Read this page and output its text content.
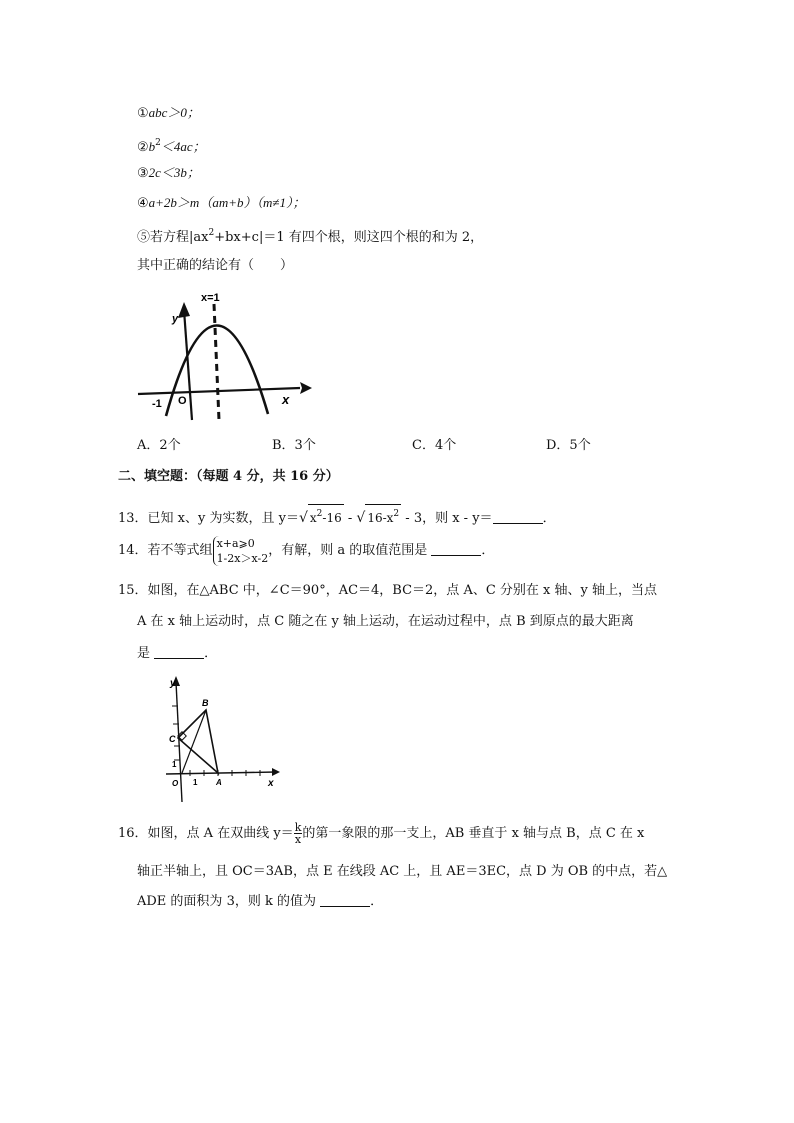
①abc＞0；
$②b^2<4ac$；
③2c＜3b；
④a+2b＞m（am+b）（m≠1）；
⑤若方程$|ax^2+bx+c|=1$ 有四个根，则这四个根的和为 2，
其中正确的结论有（　　）
x=1
y
x
-1 O
A．2个	B．3个	C．4个	D．5个
二、填空题：（每题 4 分，共 16 分）
13．已知 x、y 为实数，且 y＝√ $x^2-16$ - √ $16-x^2 - 3$，则 x - y＝	．
14．若不等式组 x+a⩾0
1-2x＞x-2 ，有解，则 a 的取值范围是	．
15．如图，在△ABC 中，∠C＝90°，AC＝4，BC＝2，点 A、C 分别在 x 轴、y 轴上，当点
A 在 x 轴上运动时，点 C 随之在 y 轴上运动，在运动过程中，点 B 到原点的最大距离
是	．
y
x
B
C
A
O 1
1
16．如图，点 A 在双曲线 $y= \frac{k}{x}$ 的第一象限的那一支上，AB 垂直于 x 轴与点 B，点 C 在 x
轴正半轴上，且 OC＝3AB，点 E 在线段 AC 上，且 AE＝3EC，点 D 为 OB 的中点，若△
ADE 的面积为 3，则 k 的值为	．
